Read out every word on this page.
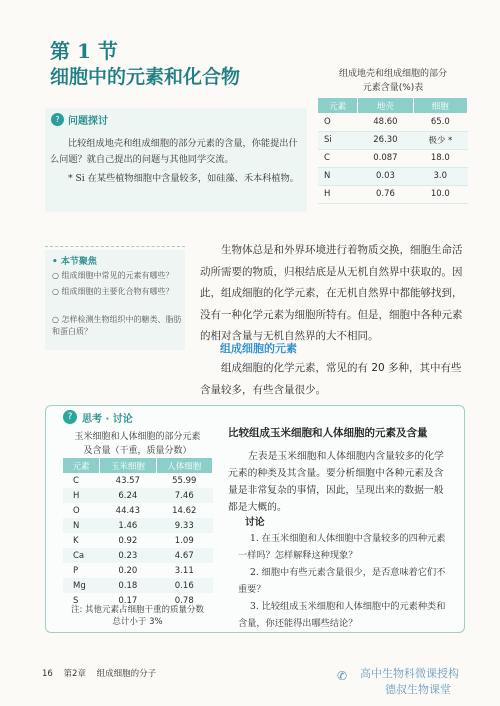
第 1 节
细胞中的元素和化合物	组成地壳和组成细胞的部分
元素含量(%)表
元素	地壳	细胞
O	48.60	65.0
Si	26.30	极少 *
C	0.087	18.0
N	0.03	3.0
H	0.76	10.0
? 问题探讨
比较组成地壳和组成细胞的部分元素的含量，你能提出什么问题？就自己提出的问题与其他同学交流。
* Si 在某些植物细胞中含量较多，如硅藻、禾本科植物。
• 本节聚焦
○ 组成细胞中常见的元素有哪些？
○ 组成细胞的主要化合物有哪些？
○ 怎样检测生物组织中的糖类、脂肪和蛋白质？
生物体总是和外界环境进行着物质交换，细胞生命活动所需要的物质，归根结底是从无机自然界中获取的。因此，组成细胞的化学元素，在无机自然界中都能够找到，没有一种化学元素为细胞所特有。但是，细胞中各种元素的相对含量与无机自然界的大不相同。
组成细胞的元素
组成细胞的化学元素，常见的有 20 多种，其中有些含量较多，有些含量很少。
? 思考 · 讨论
玉米细胞和人体细胞的部分元素
及含量（干重，质量分数）
元素	玉米细胞	人体细胞
C	43.57	55.99
H	6.24	7.46
O	44.43	14.62
N	1.46	9.33
K	0.92	1.09
Ca	0.23	4.67
P	0.20	3.11
Mg	0.18	0.16
S	0.17	0.78
注: 其他元素占细胞干重的质量分数
总计小于 3%
比较组成玉米细胞和人体细胞的元素及含量
左表是玉米细胞和人体细胞内含量较多的化学元素的种类及其含量。要分析细胞中各种元素及含量是非常复杂的事情，因此，呈现出来的数据一般都是大概的。
讨论
1. 在玉米细胞和人体细胞中含量较多的四种元素一样吗？怎样解释这种现象？
2. 细胞中有些元素含量很少，是否意味着它们不重要？
3. 比较组成玉米细胞和人体细胞中的元素种类和含量，你还能得出哪些结论？
16 第2章 组成细胞的分子	✆	高中生物科微课授构
德叔生物课堂
